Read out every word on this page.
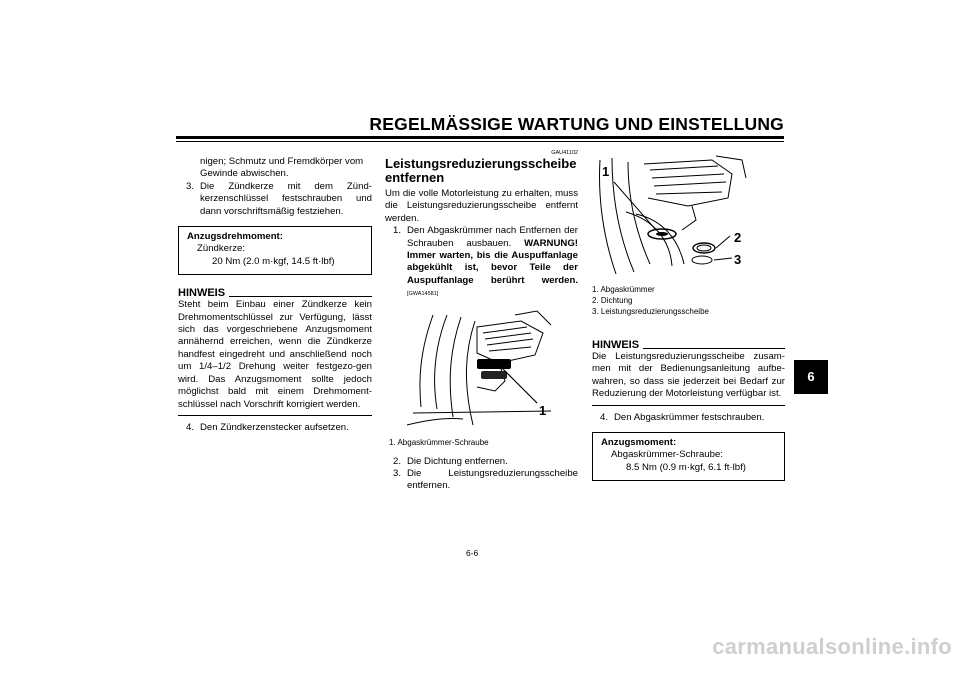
REGELMÄSSIGE WARTUNG UND EINSTELLUNG
6
nigen; Schmutz und Fremdkörper vom
Gewinde abwischen.
3. Die Zündkerze mit dem Zünd-
kerzenschlüssel festschrauben und
dann vorschriftsmäßig festziehen.
Anzugsdrehmoment:
Zündkerze:
20 Nm (2.0 m·kgf, 14.5 ft·lbf)
HINWEIS
Steht beim Einbau einer Zündkerze kein Drehmomentschlüssel zur Verfügung, lässt sich das vorgeschriebene Anzugsmoment annähernd erreichen, wenn die Zündkerze handfest eingedreht und anschließend noch um 1/4–1/2 Drehung weiter festgezo-gen wird. Das Anzugsmoment sollte jedoch möglichst bald mit einem Drehmoment-schlüssel nach Vorschrift korrigiert werden.
4. Den Zündkerzenstecker aufsetzen.
GAU41102
Leistungsreduzierungsscheibe
entfernen
Um die volle Motorleistung zu erhalten, muss die Leistungsreduzierungsscheibe entfernt werden.
1. Den Abgaskrümmer nach Entfernen der Schrauben ausbauen. WARNUNG! Immer warten, bis die Auspuffanlage abgekühlt ist, bevor Teile der Auspuffanlage berührt werden.[GWA14581]
1
1. Abgaskrümmer-Schraube
2. Die Dichtung entfernen.
3. Die Leistungsreduzierungsscheibe entfernen.
1
2
3
1. Abgaskrümmer
2. Dichtung
3. Leistungsreduzierungsscheibe
HINWEIS
Die Leistungsreduzierungsscheibe zusam-men mit der Bedienungsanleitung aufbe-wahren, so dass sie jederzeit bei Bedarf zur Reduzierung der Motorleistung verfügbar ist.
4. Den Abgaskrümmer festschrauben.
Anzugsmoment:
Abgaskrümmer-Schraube:
8.5 Nm (0.9 m·kgf, 6.1 ft·lbf)
6-6
carmanualsonline.info
